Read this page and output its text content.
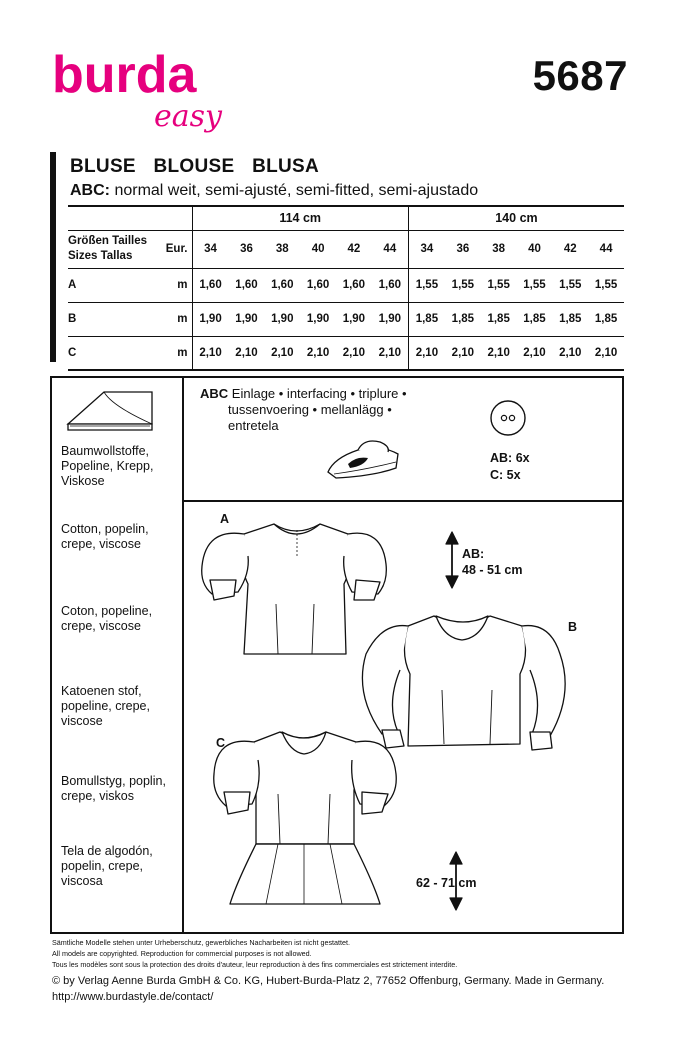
burda
easy
5687
BLUSE BLOUSE BLUSA
ABC: normal weit, semi-ajusté, semi-fitted, semi-ajustado
		114 cm						140 cm					

Größen Tailles
Sizes Tallas	Eur.	34	36	38	40	42	44	34	36	38	40	42	44
A	m	1,60	1,60	1,60	1,60	1,60	1,60	1,55	1,55	1,55	1,55	1,55	1,55
B	m	1,90	1,90	1,90	1,90	1,90	1,90	1,85	1,85	1,85	1,85	1,85	1,85
C	m	2,10	2,10	2,10	2,10	2,10	2,10	2,10	2,10	2,10	2,10	2,10	2,10
Baumwollstoffe,
Popeline, Krepp,
Viskose
Cotton, popelin,
crepe, viscose
Coton, popeline,
crepe, viscose
Katoenen stof,
popeline, crepe,
viscose
Bomullstyg, poplin,
crepe, viskos
Tela de algodón,
popelin, crepe,
viscosa
ABC Einlage • interfacing • triplure •
tussenvoering • mellanlägg •
entretela
AB: 6x
C: 5x
A
B
C
AB:
48 - 51 cm
62 - 71 cm
Sämtliche Modelle stehen unter Urheberschutz, gewerbliches Nacharbeiten ist nicht gestattet.
All models are copyrighted. Reproduction for commercial purposes is not allowed.
Tous les modèles sont sous la protection des droits d'auteur, leur reproduction à des fins commerciales est strictement interdite.
© by Verlag Aenne Burda GmbH & Co. KG, Hubert-Burda-Platz 2, 77652 Offenburg, Germany. Made in Germany.
http://www.burdastyle.de/contact/
